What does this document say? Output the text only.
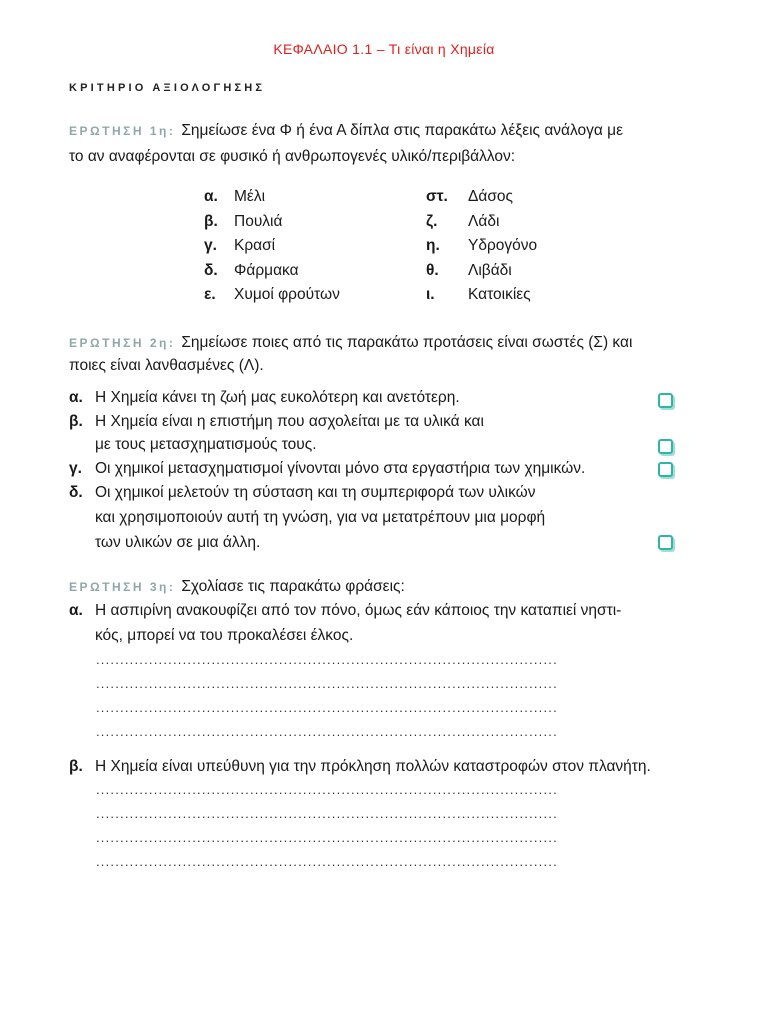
ΚΕΦΑΛΑΙΟ 1.1 – Τι είναι η Χημεία
ΚΡΙΤΗΡΙΟ ΑΞΙΟΛΟΓΗΣΗΣ
ΕΡΩΤΗΣΗ 1η: Σημείωσε ένα Φ ή ένα Α δίπλα στις παρακάτω λέξεις ανάλογα με
το αν αναφέρονται σε φυσικό ή ανθρωπογενές υλικό/περιβάλλον:
α. Μέλι
β. Πουλιά
γ. Κρασί
δ. Φάρμακα
ε. Χυμοί φρούτων
στ. Δάσος
ζ. Λάδι
η. Υδρογόνο
θ. Λιβάδι
ι. Κατοικίες
ΕΡΩΤΗΣΗ 2η: Σημείωσε ποιες από τις παρακάτω προτάσεις είναι σωστές (Σ) και
ποιες είναι λανθασμένες (Λ).
α. Η Χημεία κάνει τη ζωή μας ευκολότερη και ανετότερη.
β. Η Χημεία είναι η επιστήμη που ασχολείται με τα υλικά και
με τους μετασχηματισμούς τους.
γ. Οι χημικοί μετασχηματισμοί γίνονται μόνο στα εργαστήρια των χημικών.
δ. Οι χημικοί μελετούν τη σύσταση και τη συμπεριφορά των υλικών
και χρησιμοποιούν αυτή τη γνώση, για να μετατρέπουν μια μορφή
των υλικών σε μια άλλη.
ΕΡΩΤΗΣΗ 3η: Σχολίασε τις παρακάτω φράσεις:
α. Η ασπιρίνη ανακουφίζει από τον πόνο, όμως εάν κάποιος την καταπιεί νηστι-
κός, μπορεί να του προκαλέσει έλκος.
................................................................................................
................................................................................................
................................................................................................
................................................................................................
β. Η Χημεία είναι υπεύθυνη για την πρόκληση πολλών καταστροφών στον πλανήτη.
................................................................................................
................................................................................................
................................................................................................
................................................................................................
